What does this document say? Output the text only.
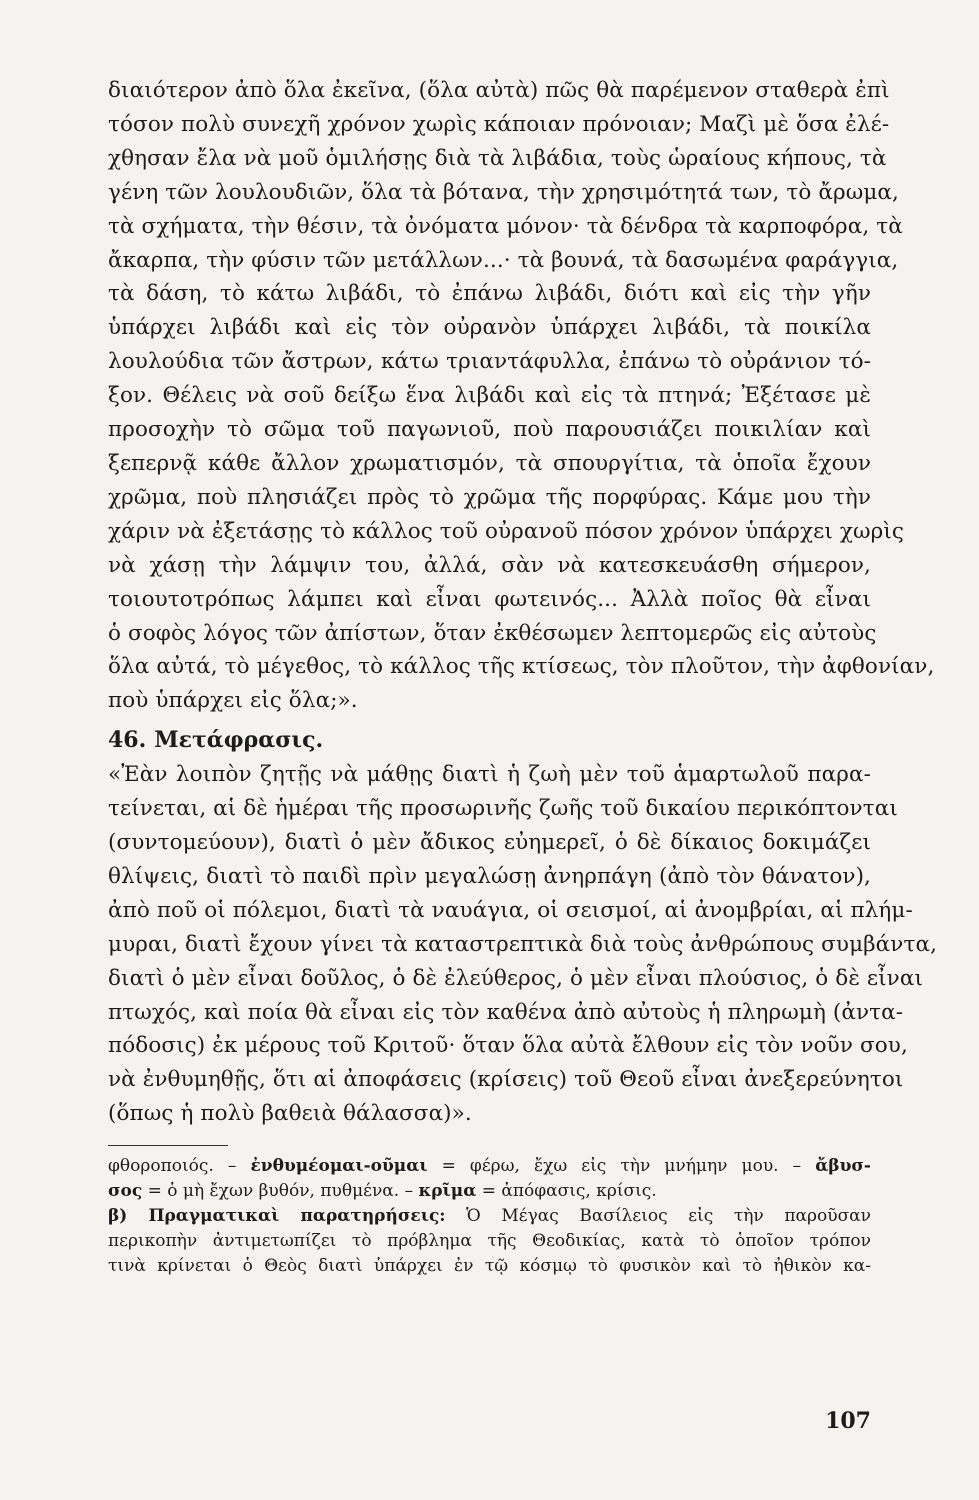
διαιότερον ἀπὸ ὅλα ἐκεῖνα, (ὅλα αὐτὰ) πῶς θὰ παρέμενον σταθερὰ ἐπὶ
τόσον πολὺ συνεχῆ χρόνον χωρὶς κάποιαν πρόνοιαν; Μαζὶ μὲ ὅσα ἐλέ-
χθησαν ἔλα νὰ μοῦ ὁμιλήσῃς διὰ τὰ λιβάδια, τοὺς ὡραίους κήπους, τὰ
γένη τῶν λουλουδιῶν, ὅλα τὰ βότανα, τὴν χρησιμότητά των, τὸ ἄρωμα,
τὰ σχήματα, τὴν θέσιν, τὰ ὀνόματα μόνον· τὰ δένδρα τὰ καρποφόρα, τὰ
ἄκαρπα, τὴν φύσιν τῶν μετάλλων...· τὰ βουνά, τὰ δασωμένα φαράγγια,
τὰ δάση, τὸ κάτω λιβάδι, τὸ ἐπάνω λιβάδι, διότι καὶ εἰς τὴν γῆν
ὑπάρχει λιβάδι καὶ εἰς τὸν οὐρανὸν ὑπάρχει λιβάδι, τὰ ποικίλα
λουλούδια τῶν ἄστρων, κάτω τριαντάφυλλα, ἐπάνω τὸ οὐράνιον τό-
ξον. Θέλεις νὰ σοῦ δείξω ἕνα λιβάδι καὶ εἰς τὰ πτηνά; Ἐξέτασε μὲ
προσοχὴν τὸ σῶμα τοῦ παγωνιοῦ, ποὺ παρουσιάζει ποικιλίαν καὶ
ξεπερνᾷ κάθε ἄλλον χρωματισμόν, τὰ σπουργίτια, τὰ ὁποῖα ἔχουν
χρῶμα, ποὺ πλησιάζει πρὸς τὸ χρῶμα τῆς πορφύρας. Κάμε μου τὴν
χάριν νὰ ἐξετάσῃς τὸ κάλλος τοῦ οὐρανοῦ πόσον χρόνον ὑπάρχει χωρὶς
νὰ χάσῃ τὴν λάμψιν του, ἀλλά, σὰν νὰ κατεσκευάσθη σήμερον,
τοιουτοτρόπως λάμπει καὶ εἶναι φωτεινός... Ἀλλὰ ποῖος θὰ εἶναι
ὁ σοφὸς λόγος τῶν ἀπίστων, ὅταν ἐκθέσωμεν λεπτομερῶς εἰς αὐτοὺς
ὅλα αὐτά, τὸ μέγεθος, τὸ κάλλος τῆς κτίσεως, τὸν πλοῦτον, τὴν ἀφθονίαν,
ποὺ ὑπάρχει εἰς ὅλα;».
46. Μετάφρασις.
«Ἐὰν λοιπὸν ζητῇς νὰ μάθῃς διατὶ ἡ ζωὴ μὲν τοῦ ἁμαρτωλοῦ παρα-
τείνεται, αἱ δὲ ἡμέραι τῆς προσωρινῆς ζωῆς τοῦ δικαίου περικόπτονται
(συντομεύουν), διατὶ ὁ μὲν ἄδικος εὐημερεῖ, ὁ δὲ δίκαιος δοκιμάζει
θλίψεις, διατὶ τὸ παιδὶ πρὶν μεγαλώσῃ ἀνηρπάγη (ἀπὸ τὸν θάνατον),
ἀπὸ ποῦ οἱ πόλεμοι, διατὶ τὰ ναυάγια, οἱ σεισμοί, αἱ ἀνομβρίαι, αἱ πλήμ-
μυραι, διατὶ ἔχουν γίνει τὰ καταστρεπτικὰ διὰ τοὺς ἀνθρώπους συμβάντα,
διατὶ ὁ μὲν εἶναι δοῦλος, ὁ δὲ ἐλεύθερος, ὁ μὲν εἶναι πλούσιος, ὁ δὲ εἶναι
πτωχός, καὶ ποία θὰ εἶναι εἰς τὸν καθένα ἀπὸ αὐτοὺς ἡ πληρωμὴ (ἀντα-
πόδοσις) ἐκ μέρους τοῦ Κριτοῦ· ὅταν ὅλα αὐτὰ ἔλθουν εἰς τὸν νοῦν σου,
νὰ ἐνθυμηθῇς, ὅτι αἱ ἀποφάσεις (κρίσεις) τοῦ Θεοῦ εἶναι ἀνεξερεύνητοι
(ὅπως ἡ πολὺ βαθειὰ θάλασσα)».
φθοροποιός. – ἐνθυμέομαι-οῦμαι = φέρω, ἔχω εἰς τὴν μνήμην μου. – ἄβυσ-
σος = ὁ μὴ ἔχων βυθόν, πυθμένα. – κρῖμα = ἀπόφασις, κρίσις.
β) Πραγματικαὶ παρατηρήσεις: Ὁ Μέγας Βασίλειος εἰς τὴν παροῦσαν
περικοπὴν ἀντιμετωπίζει τὸ πρόβλημα τῆς Θεοδικίας, κατὰ τὸ ὁποῖον τρόπον
τινὰ κρίνεται ὁ Θεὸς διατὶ ὑπάρχει ἐν τῷ κόσμῳ τὸ φυσικὸν καὶ τὸ ἠθικὸν κα-
107
